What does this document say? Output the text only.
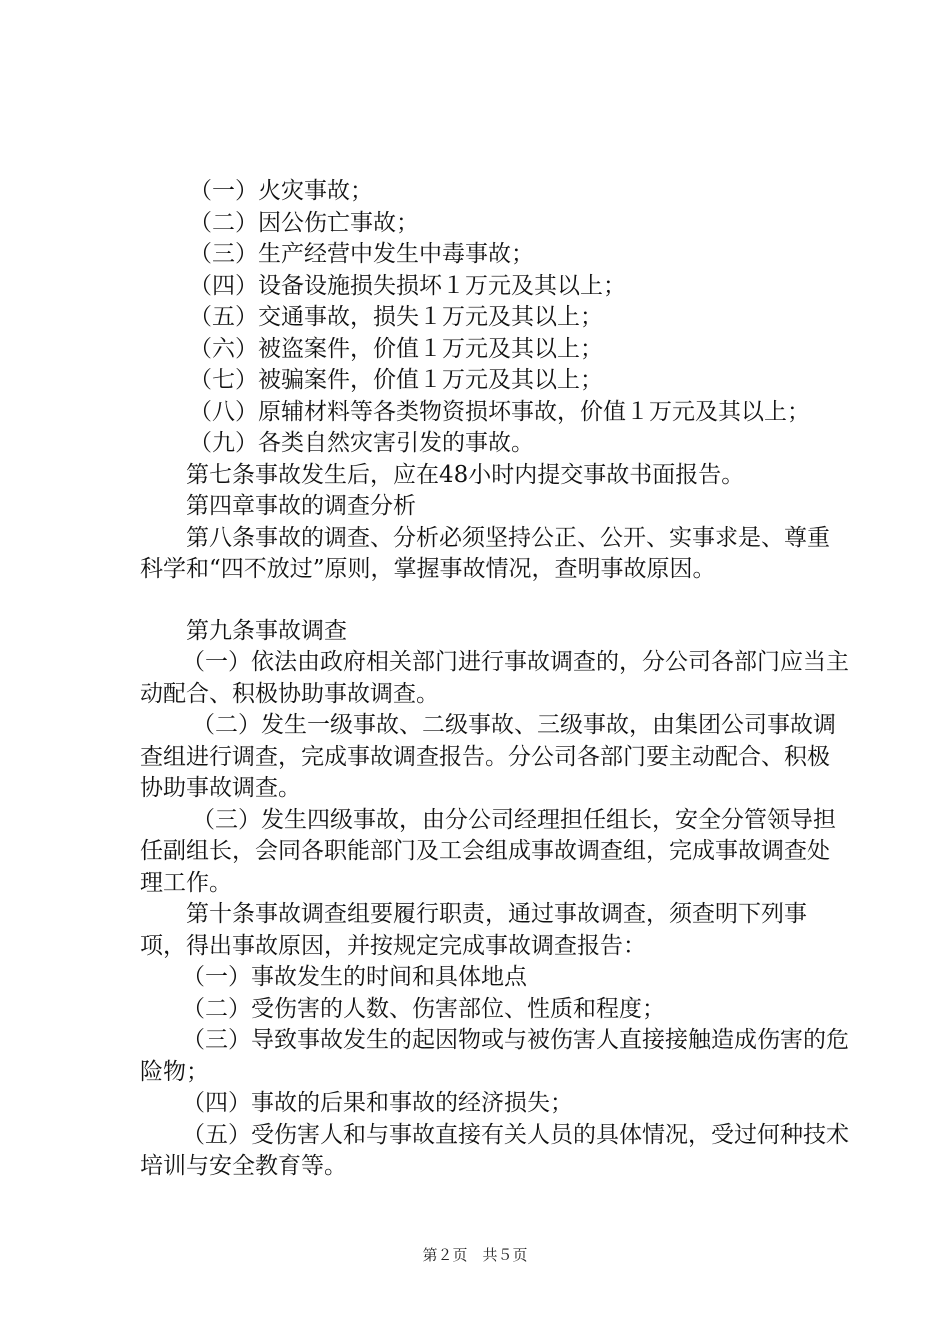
（一）火灾事故；

（二）因公伤亡事故；

（三）生产经营中发生中毒事故；

（四）设备设施损失损坏１万元及其以上；

（五）交通事故，损失１万元及其以上；

（六）被盗案件，价值１万元及其以上；

（七）被骗案件，价值１万元及其以上；

（八）原辅材料等各类物资损坏事故，价值１万元及其以上；

（九）各类自然灾害引发的事故。

第七条事故发生后，应在48小时内提交事故书面报告。

第四章事故的调查分析

第八条事故的调查、分析必须坚持公正、公开、实事求是、尊重科学和“四不放过”原则，掌握事故情况，查明事故原因。

第九条事故调查

（一）依法由政府相关部门进行事故调查的，分公司各部门应当主动配合、积极协助事故调查。

（二）发生一级事故、二级事故、三级事故，由集团公司事故调查组进行调查，完成事故调查报告。分公司各部门要主动配合、积极协助事故调查。

（三）发生四级事故，由分公司经理担任组长，安全分管领导担任副组长，会同各职能部门及工会组成事故调查组，完成事故调查处理工作。

第十条事故调查组要履行职责，通过事故调查，须查明下列事项，得出事故原因，并按规定完成事故调查报告：

（一）事故发生的时间和具体地点

（二）受伤害的人数、伤害部位、性质和程度；

（三）导致事故发生的起因物或与被伤害人直接接触造成伤害的危险物；

（四）事故的后果和事故的经济损失；

（五）受伤害人和与事故直接有关人员的具体情况，受过何种技术培训与安全教育等。

第２页　共５页
